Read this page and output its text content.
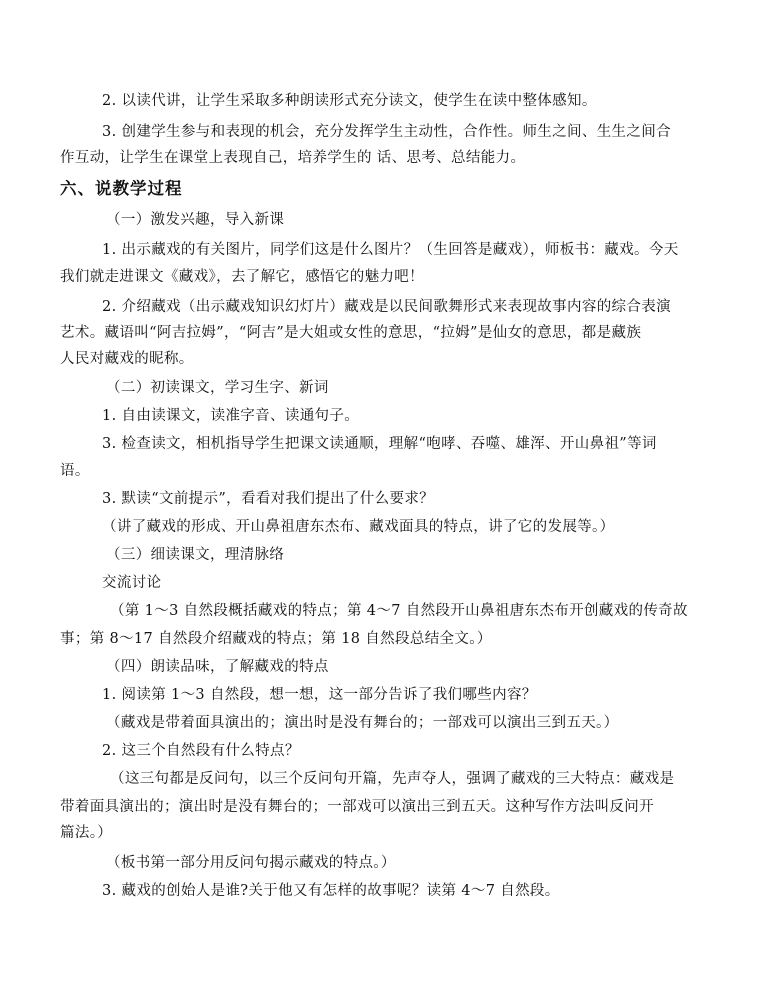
2. 以读代讲，让学生采取多种朗读形式充分读文，使学生在读中整体感知。
3. 创建学生参与和表现的机会，充分发挥学生主动性，合作性。师生之间、生生之间合
作互动，让学生在课堂上表现自己，培养学生的 话、思考、总结能力。
六、说教学过程
（一）激发兴趣，导入新课
1. 出示藏戏的有关图片，同学们这是什么图片？（生回答是藏戏），师板书：藏戏。今天
我们就走进课文《藏戏》，去了解它，感悟它的魅力吧！
2. 介绍藏戏（出示藏戏知识幻灯片）藏戏是以民间歌舞形式来表现故事内容的综合表演
艺术。藏语叫“阿吉拉姆”，“阿吉”是大姐或女性的意思，“拉姆”是仙女的意思，都是藏族
人民对藏戏的昵称。
（二）初读课文，学习生字、新词
1. 自由读课文，读准字音、读通句子。
3. 检查读文，相机指导学生把课文读通顺，理解“咆哮、吞噬、雄浑、开山鼻祖”等词
语。
3. 默读“文前提示”，看看对我们提出了什么要求？
（讲了藏戏的形成、开山鼻祖唐东杰布、藏戏面具的特点，讲了它的发展等。）
（三）细读课文，理清脉络
交流讨论
（第 1～3 自然段概括藏戏的特点；第 4～7 自然段开山鼻祖唐东杰布开创藏戏的传奇故
事；第 8～17 自然段介绍藏戏的特点；第 18 自然段总结全文。）
（四）朗读品味，了解藏戏的特点
1. 阅读第 1～3 自然段，想一想，这一部分告诉了我们哪些内容？
（藏戏是带着面具演出的；演出时是没有舞台的；一部戏可以演出三到五天。）
2. 这三个自然段有什么特点？
（这三句都是反问句，以三个反问句开篇，先声夺人，强调了藏戏的三大特点：藏戏是
带着面具演出的；演出时是没有舞台的；一部戏可以演出三到五天。这种写作方法叫反问开
篇法。）
（板书第一部分用反问句揭示藏戏的特点。）
3. 藏戏的创始人是谁?关于他又有怎样的故事呢？读第 4～7 自然段。
